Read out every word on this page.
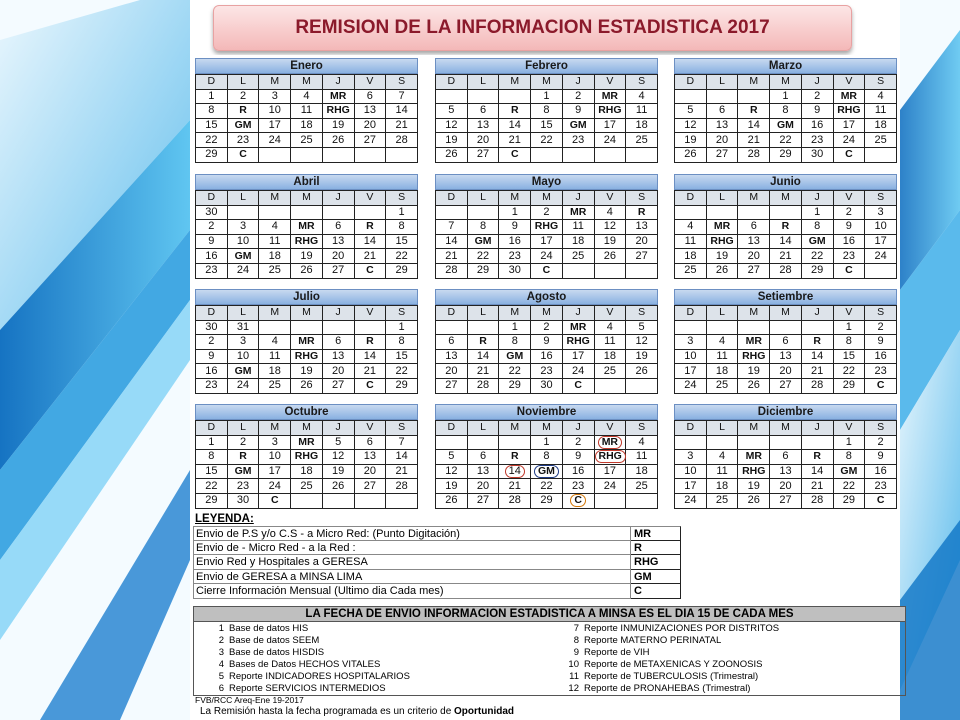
REMISION DE LA INFORMACION ESTADISTICA 2017
Enero
D	L	M	M	J	V	S
1	2	3	4	MR	6	7
8	R	10	11	RHG	13	14
15	GM	17	18	19	20	21
22	23	24	25	26	27	28
29	C					
Febrero
D	L	M	M	J	V	S
			1	2	MR	4
5	6	R	8	9	RHG	11
12	13	14	15	GM	17	18
19	20	21	22	23	24	25
26	27	C				
Marzo
D	L	M	M	J	V	S
			1	2	MR	4
5	6	R	8	9	RHG	11
12	13	14	GM	16	17	18
19	20	21	22	23	24	25
26	27	28	29	30	C	
Abril
D	L	M	M	J	V	S
30						1
2	3	4	MR	6	R	8
9	10	11	RHG	13	14	15
16	GM	18	19	20	21	22
23	24	25	26	27	C	29
Mayo
D	L	M	M	J	V	S
		1	2	MR	4	R
7	8	9	RHG	11	12	13
14	GM	16	17	18	19	20
21	22	23	24	25	26	27
28	29	30	C			
Junio
D	L	M	M	J	V	S
				1	2	3
4	MR	6	R	8	9	10
11	RHG	13	14	GM	16	17
18	19	20	21	22	23	24
25	26	27	28	29	C	
Julio
D	L	M	M	J	V	S
30	31					1
2	3	4	MR	6	R	8
9	10	11	RHG	13	14	15
16	GM	18	19	20	21	22
23	24	25	26	27	C	29
Agosto
D	L	M	M	J	V	S
		1	2	MR	4	5
6	R	8	9	RHG	11	12
13	14	GM	16	17	18	19
20	21	22	23	24	25	26
27	28	29	30	C		
Setiembre
D	L	M	M	J	V	S
					1	2
3	4	MR	6	R	8	9
10	11	RHG	13	14	15	16
17	18	19	20	21	22	23
24	25	26	27	28	29	C
Octubre
D	L	M	M	J	V	S
1	2	3	MR	5	6	7
8	R	10	RHG	12	13	14
15	GM	17	18	19	20	21
22	23	24	25	26	27	28
29	30	C				
Noviembre
D	L	M	M	J	V	S
			1	2	MR	4
5	6	R	8	9	RHG	11
12	13	14	GM	16	17	18
19	20	21	22	23	24	25
26	27	28	29	C		
Diciembre
D	L	M	M	J	V	S
					1	2
3	4	MR	6	R	8	9
10	11	RHG	13	14	GM	16
17	18	19	20	21	22	23
24	25	26	27	28	29	C
LEYENDA:
Envio de P.S y/o C.S - a Micro Red: (Punto Digitación)	MR
Envio de - Micro Red - a la Red :	R
Envio Red y Hospitales a GERESA	RHG
Envio de GERESA a MINSA LIMA	GM
Cierre Información Mensual (Ultimo dia Cada mes)	C
LA FECHA DE ENVIO INFORMACION ESTADISTICA A MINSA ES EL DIA 15 DE CADA MES
1 Base de datos HIS
2 Base de datos SEEM
3 Base de datos HISDIS
4 Bases de Datos HECHOS VITALES
5 Reporte INDICADORES HOSPITALARIOS
6 Reporte SERVICIOS INTERMEDIOS
7 Reporte INMUNIZACIONES POR DISTRITOS
8 Reporte MATERNO PERINATAL
9 Reporte de VIH
10 Reporte de METAXENICAS Y ZOONOSIS
11 Reporte de TUBERCULOSIS (Trimestral)
12 Reporte de PRONAHEBAS (Trimestral)
FVB/RCC Areq-Ene 19-2017
La Remisión hasta la fecha programada es un criterio de Oportunidad
